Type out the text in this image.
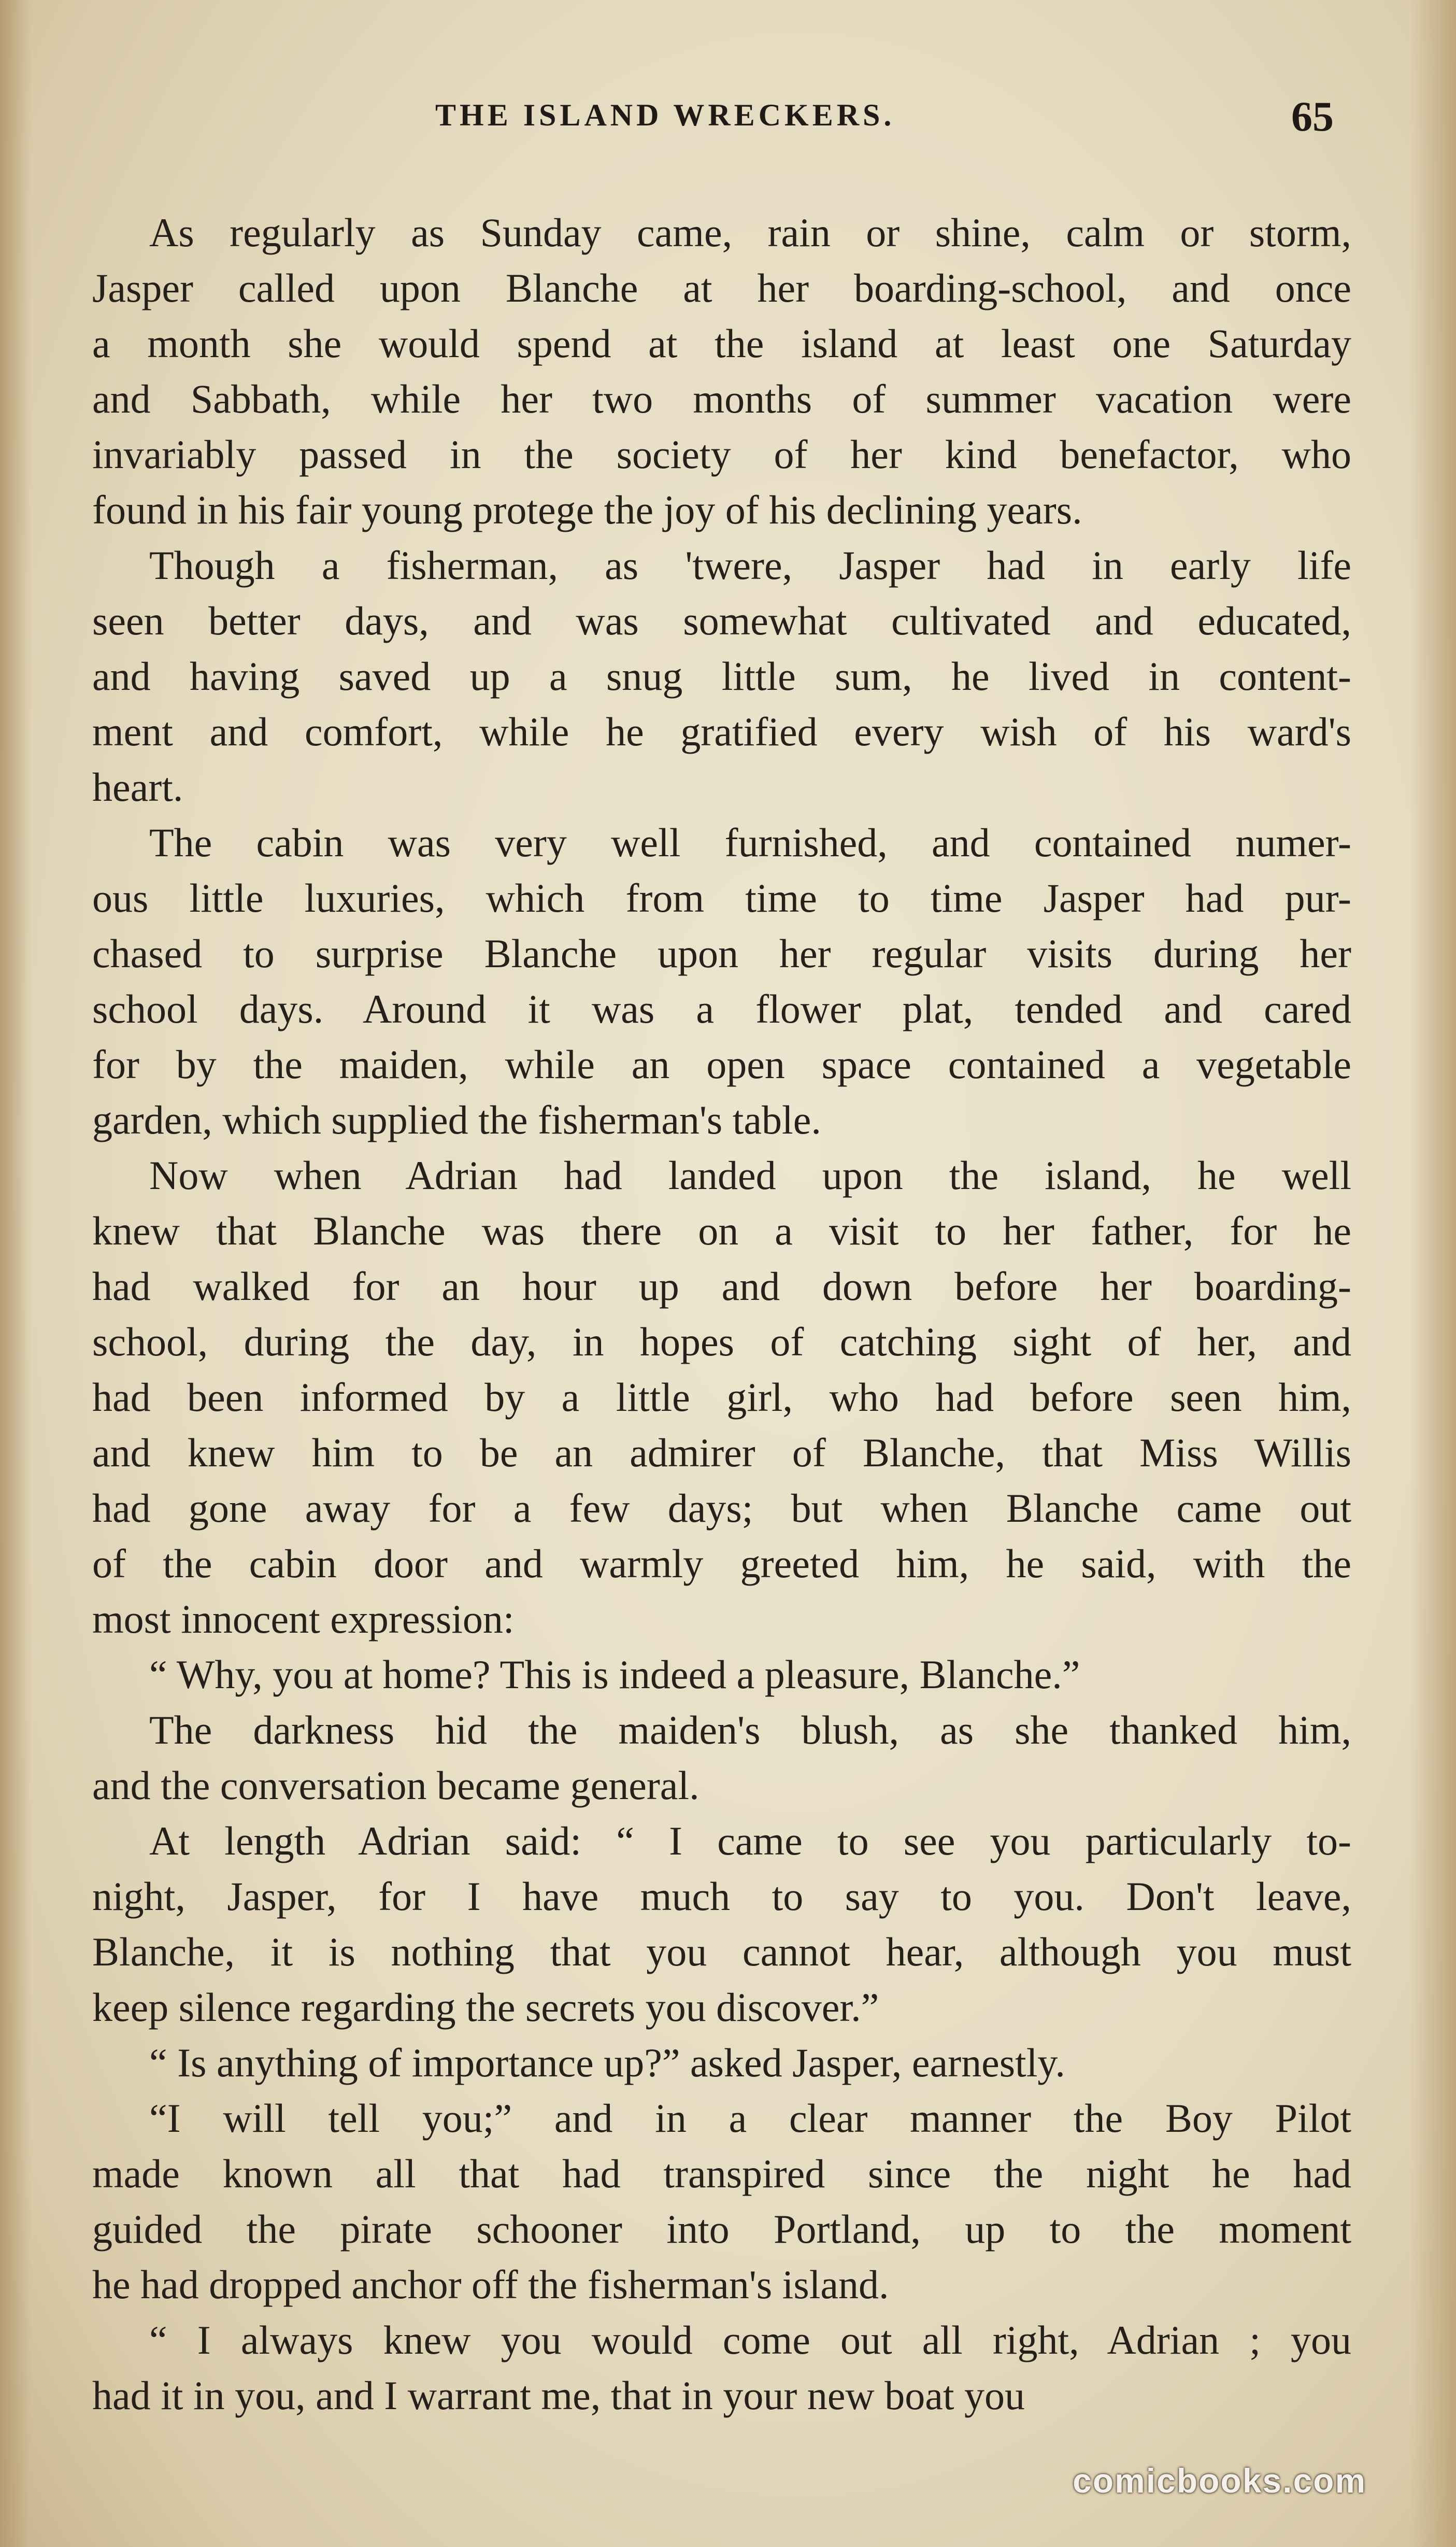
THE ISLAND WRECKERS.	65
As regularly as Sunday came, rain or shine, calm or storm,
Jasper called upon Blanche at her boarding-school, and once
a month she would spend at the island at least one Saturday
and Sabbath, while her two months of summer vacation were
invariably passed in the society of her kind benefactor, who
found in his fair young protege the joy of his declining years.
Though a fisherman, as 'twere, Jasper had in early life
seen better days, and was somewhat cultivated and educated,
and having saved up a snug little sum, he lived in content-
ment and comfort, while he gratified every wish of his ward's
heart.
The cabin was very well furnished, and contained numer-
ous little luxuries, which from time to time Jasper had pur-
chased to surprise Blanche upon her regular visits during her
school days. Around it was a flower plat, tended and cared
for by the maiden, while an open space contained a vegetable
garden, which supplied the fisherman's table.
Now when Adrian had landed upon the island, he well
knew that Blanche was there on a visit to her father, for he
had walked for an hour up and down before her boarding-
school, during the day, in hopes of catching sight of her, and
had been informed by a little girl, who had before seen him,
and knew him to be an admirer of Blanche, that Miss Willis
had gone away for a few days; but when Blanche came out
of the cabin door and warmly greeted him, he said, with the
most innocent expression:
“ Why, you at home? This is indeed a pleasure, Blanche.”
The darkness hid the maiden's blush, as she thanked him,
and the conversation became general.
At length Adrian said: “ I came to see you particularly to-
night, Jasper, for I have much to say to you. Don't leave,
Blanche, it is nothing that you cannot hear, although you must
keep silence regarding the secrets you discover.”
“ Is anything of importance up?” asked Jasper, earnestly.
“I will tell you;” and in a clear manner the Boy Pilot
made known all that had transpired since the night he had
guided the pirate schooner into Portland, up to the moment
he had dropped anchor off the fisherman's island.
“ I always knew you would come out all right, Adrian ; you
had it in you, and I warrant me, that in your new boat you
comicbooks.com
